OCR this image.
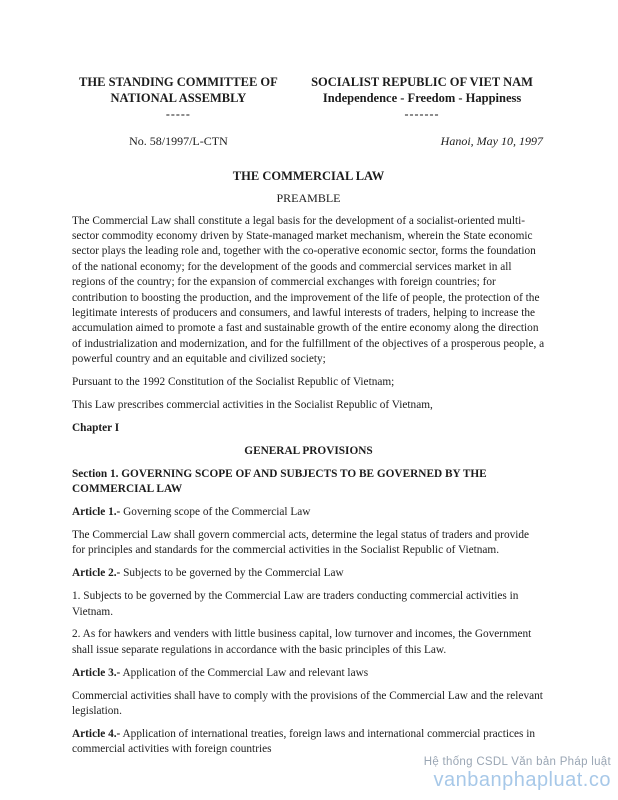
THE STANDING COMMITTEE OF
NATIONAL ASSEMBLY
-----
SOCIALIST REPUBLIC OF VIET NAM
Independence - Freedom - Happiness
-------
No. 58/1997/L-CTN	Hanoi, May 10, 1997
THE COMMERCIAL LAW
PREAMBLE

The Commercial Law shall constitute a legal basis for the development of a socialist-oriented multi-sector commodity economy driven by State-managed market mechanism, wherein the State economic sector plays the leading role and, together with the co-operative economic sector, forms the foundation of the national economy; for the development of the goods and commercial services market in all regions of the country; for the expansion of commercial exchanges with foreign countries; for contribution to boosting the production, and the improvement of the life of people, the protection of the legitimate interests of producers and consumers, and lawful interests of traders, helping to increase the accumulation aimed to promote a fast and sustainable growth of the entire economy along the direction of industrialization and modernization, and for the fulfillment of the objectives of a prosperous people, a powerful country and an equitable and civilized society;

Pursuant to the 1992 Constitution of the Socialist Republic of Vietnam;

This Law prescribes commercial activities in the Socialist Republic of Vietnam,

Chapter I

GENERAL PROVISIONS

Section 1. GOVERNING SCOPE OF AND SUBJECTS TO BE GOVERNED BY THE COMMERCIAL LAW

Article 1.- Governing scope of the Commercial Law

The Commercial Law shall govern commercial acts, determine the legal status of traders and provide for principles and standards for the commercial activities in the Socialist Republic of Vietnam.

Article 2.- Subjects to be governed by the Commercial Law

1. Subjects to be governed by the Commercial Law are traders conducting commercial activities in Vietnam.

2. As for hawkers and venders with little business capital, low turnover and incomes, the Government shall issue separate regulations in accordance with the basic principles of this Law.

Article 3.- Application of the Commercial Law and relevant laws

Commercial activities shall have to comply with the provisions of the Commercial Law and the relevant legislation.

Article 4.- Application of international treaties, foreign laws and international commercial practices in commercial activities with foreign countries

Hệ thống CSDL Văn bản Pháp luật
vanbanphapluat.co
